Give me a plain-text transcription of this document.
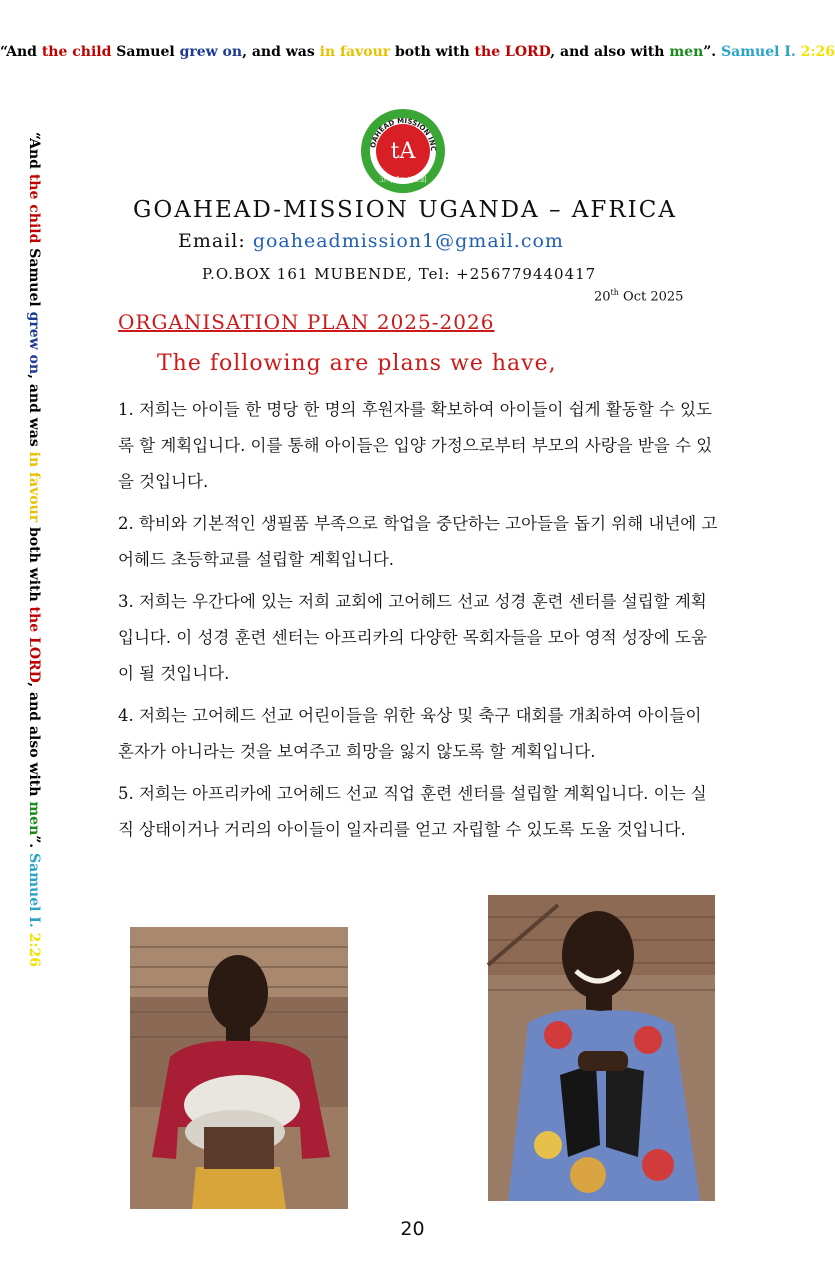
“And the child Samuel grew on, and was in favour both with the LORD, and also with men”. Samuel I. 2:26
“And the child Samuel grew on, and was in favour both with the LORD, and also with men”. Samuel I. 2:26
OAHEAD MISSION INC
tA
고어헤드선교회
GOAHEAD-MISSION UGANDA – AFRICA
Email: goaheadmission1@gmail.com
P.O.BOX 161 MUBENDE, Tel: +256779440417
20th Oct 2025
ORGANISATION PLAN 2025-2026
The following are plans we have,
1. 저희는 아이들 한 명당 한 명의 후원자를 확보하여 아이들이 쉽게 활동할 수 있도록 할 계획입니다. 이를 통해 아이들은 입양 가정으로부터 부모의 사랑을 받을 수 있을 것입니다.
2. 학비와 기본적인 생필품 부족으로 학업을 중단하는 고아들을 돕기 위해 내년에 고어헤드 초등학교를 설립할 계획입니다.
3. 저희는 우간다에 있는 저희 교회에 고어헤드 선교 성경 훈련 센터를 설립할 계획입니다. 이 성경 훈련 센터는 아프리카의 다양한 목회자들을 모아 영적 성장에 도움이 될 것입니다.
4. 저희는 고어헤드 선교 어린이들을 위한 육상 및 축구 대회를 개최하여 아이들이 혼자가 아니라는 것을 보여주고 희망을 잃지 않도록 할 계획입니다.
5. 저희는 아프리카에 고어헤드 선교 직업 훈련 센터를 설립할 계획입니다. 이는 실직 상태이거나 거리의 아이들이 일자리를 얻고 자립할 수 있도록 도울 것입니다.
20
